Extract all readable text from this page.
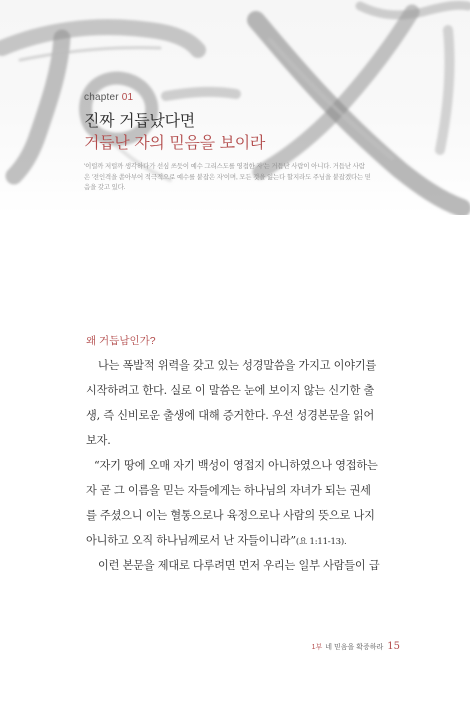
chapter 01
진짜 거듭났다면
거듭난 자의 믿음을 보이라
'이럴까 저럴까 생각하다가 선심 쓰듯이 예수 그리스도를 영접한 자'는 거듭난 사람이 아니다. 거듭난 사람
은 '전인격을 쏟아부어 적극적으로 예수를 붙잡은 자'이며, 모든 것을 잃는다 할지라도 주님을 붙잡겠다는 믿
음을 갖고 있다.
왜 거듭남인가?
나는 폭발적 위력을 갖고 있는 성경말씀을 가지고 이야기를
시작하려고 한다. 실로 이 말씀은 눈에 보이지 않는 신기한 출
생, 즉 신비로운 출생에 대해 증거한다. 우선 성경본문을 읽어
보자.
“자기 땅에 오매 자기 백성이 영접지 아니하였으나 영접하는
자 곧 그 이름을 믿는 자들에게는 하나님의 자녀가 되는 권세
를 주셨으니 이는 혈통으로나 육정으로나 사람의 뜻으로 나지
아니하고 오직 하나님께로서 난 자들이니라”(요 1:11-13).
이런 본문을 제대로 다루려면 먼저 우리는 일부 사람들이 급
1부 네 믿음을 확증하라 15
